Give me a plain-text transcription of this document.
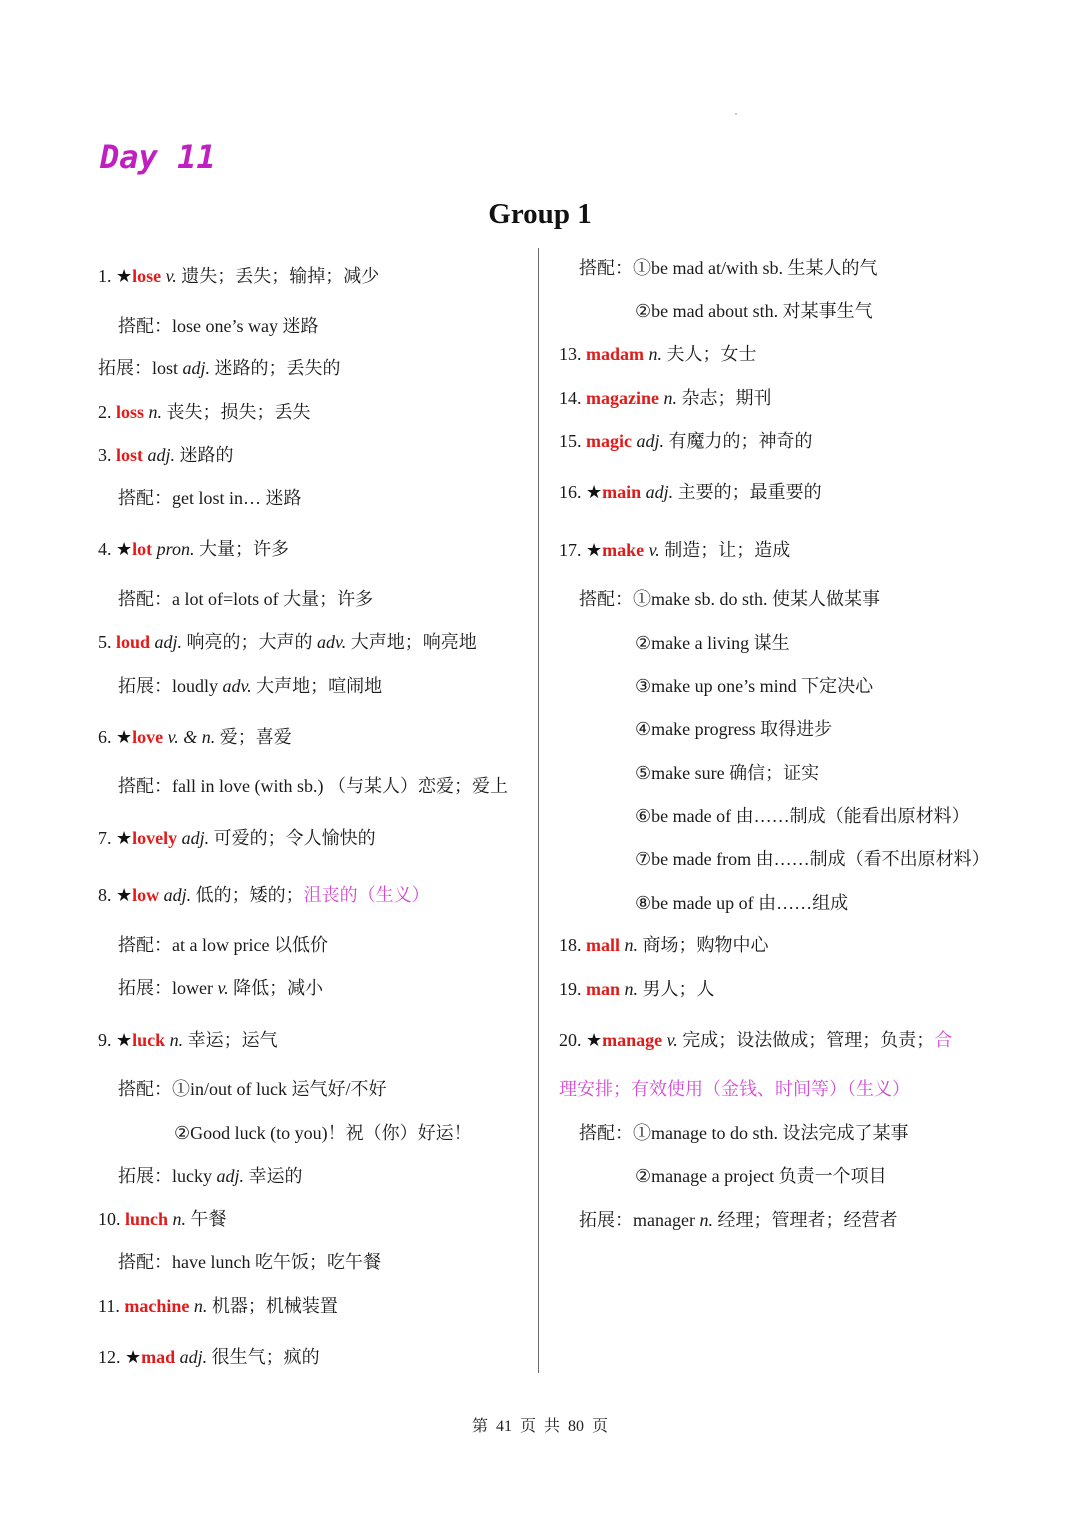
Day 11
Group 1
1. ★lose v. 遗失；丢失；输掉；减少
搭配：lose one’s way 迷路
拓展：lost adj. 迷路的；丢失的
2. loss n. 丧失；损失；丢失
3. lost adj. 迷路的
搭配：get lost in… 迷路
4. ★lot pron. 大量；许多
搭配：a lot of=lots of 大量；许多
5. loud adj. 响亮的；大声的 adv. 大声地；响亮地
拓展：loudly adv. 大声地；喧闹地
6. ★love v. & n. 爱；喜爱
搭配：fall in love (with sb.) （与某人）恋爱；爱上
7. ★lovely adj. 可爱的；令人愉快的
8. ★low adj. 低的；矮的；沮丧的（生义）
搭配：at a low price 以低价
拓展：lower v. 降低；减小
9. ★luck n. 幸运；运气
搭配：①in/out of luck 运气好/不好
②Good luck (to you)！祝（你）好运！
拓展：lucky adj. 幸运的
10. lunch n. 午餐
搭配：have lunch 吃午饭；吃午餐
11. machine n. 机器；机械装置
12. ★mad adj. 很生气；疯的
搭配：①be mad at/with sb. 生某人的气
②be mad about sth. 对某事生气
13. madam n. 夫人；女士
14. magazine n. 杂志；期刊
15. magic adj. 有魔力的；神奇的
16. ★main adj. 主要的；最重要的
17. ★make v. 制造；让；造成
搭配：①make sb. do sth. 使某人做某事
②make a living 谋生
③make up one’s mind 下定决心
④make progress 取得进步
⑤make sure 确信；证实
⑥be made of 由……制成（能看出原材料）
⑦be made from 由……制成（看不出原材料）
⑧be made up of 由……组成
18. mall n. 商场；购物中心
19. man n. 男人；人
20. ★manage v. 完成；设法做成；管理；负责；合
理安排；有效使用（金钱、时间等）（生义）
搭配：①manage to do sth. 设法完成了某事
②manage a project 负责一个项目
拓展：manager n. 经理；管理者；经营者
第 41 页 共 80 页
